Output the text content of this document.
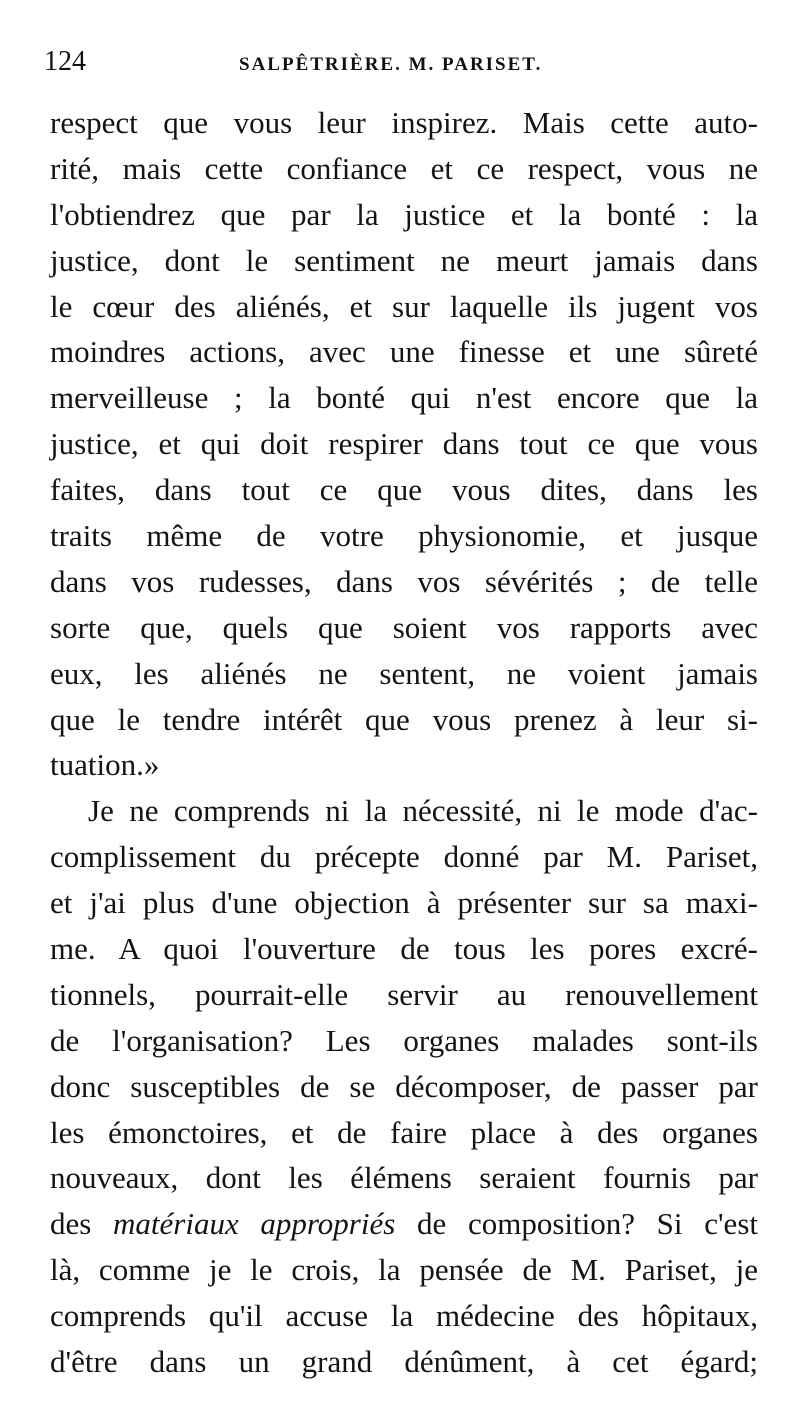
124	SALPÊTRIÈRE. M. PARISET.
respect que vous leur inspirez. Mais cette auto-
rité, mais cette confiance et ce respect, vous ne
l'obtiendrez que par la justice et la bonté : la
justice, dont le sentiment ne meurt jamais dans
le cœur des aliénés, et sur laquelle ils jugent vos
moindres actions, avec une finesse et une sûreté
merveilleuse ; la bonté qui n'est encore que la
justice, et qui doit respirer dans tout ce que vous
faites, dans tout ce que vous dites, dans les
traits même de votre physionomie, et jusque
dans vos rudesses, dans vos sévérités ; de telle
sorte que, quels que soient vos rapports avec
eux, les aliénés ne sentent, ne voient jamais
que le tendre intérêt que vous prenez à leur si-
tuation.»
Je ne comprends ni la nécessité, ni le mode d'ac-
complissement du précepte donné par M. Pariset,
et j'ai plus d'une objection à présenter sur sa maxi-
me. A quoi l'ouverture de tous les pores excré-
tionnels, pourrait-elle servir au renouvellement
de l'organisation? Les organes malades sont-ils
donc susceptibles de se décomposer, de passer par
les émonctoires, et de faire place à des organes
nouveaux, dont les élémens seraient fournis par
des matériaux appropriés de composition? Si c'est
là, comme je le crois, la pensée de M. Pariset, je
comprends qu'il accuse la médecine des hôpitaux,
d'être dans un grand dénûment, à cet égard;
